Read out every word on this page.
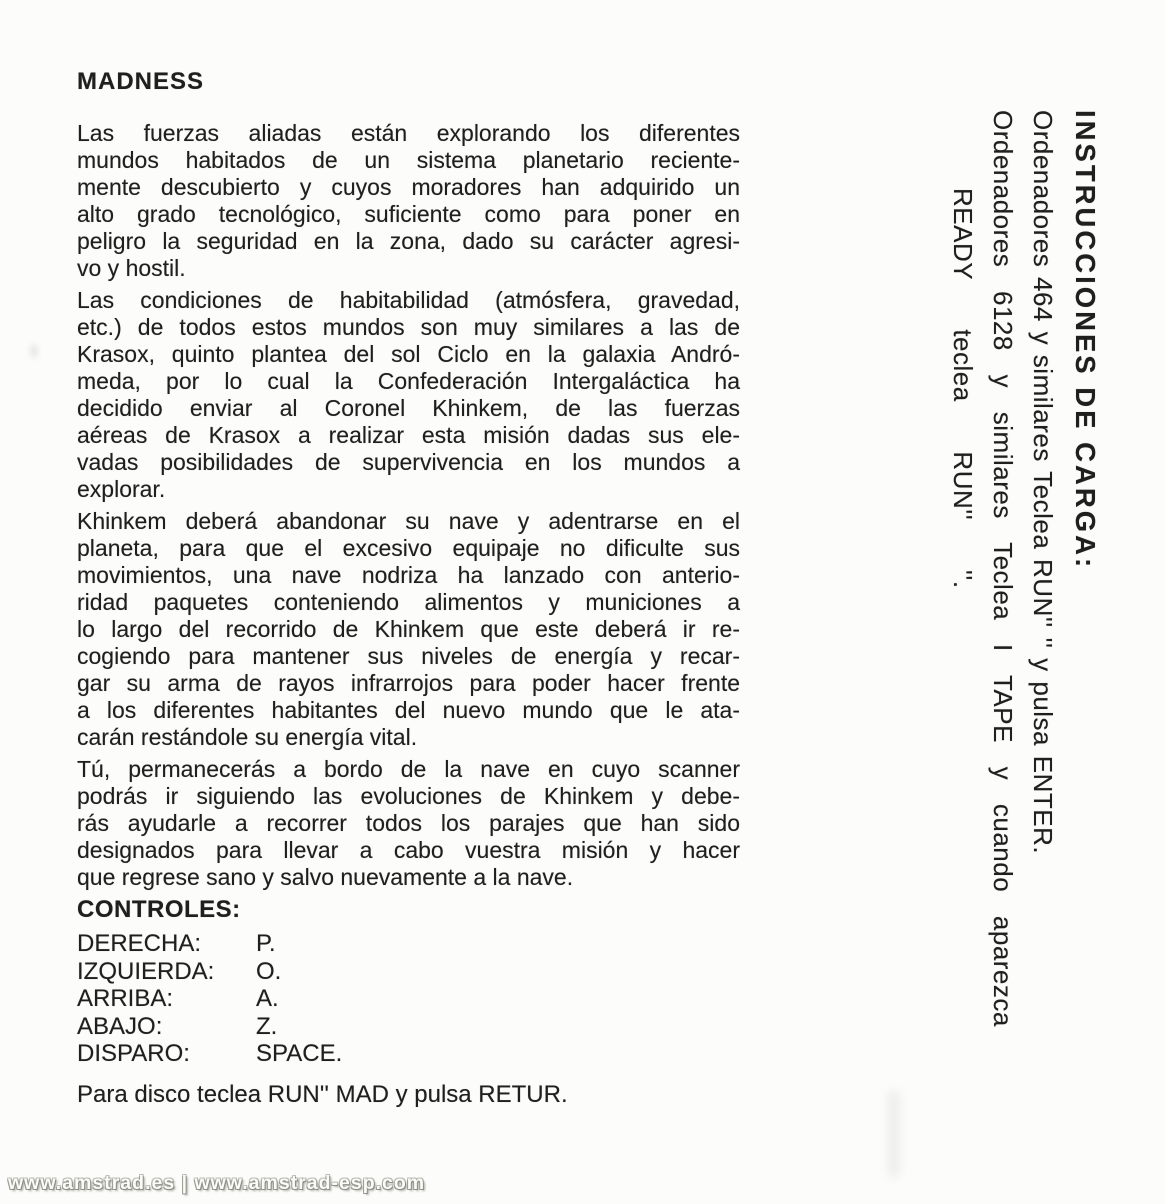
MADNESS
Las fuerzas aliadas están explorando los diferentes
mundos habitados de un sistema planetario reciente-
mente descubierto y cuyos moradores han adquirido un
alto grado tecnológico, suficiente como para poner en
peligro la seguridad en la zona, dado su carácter agresi-
vo y hostil.
Las condiciones de habitabilidad (atmósfera, gravedad,
etc.) de todos estos mundos son muy similares a las de
Krasox, quinto plantea del sol Ciclo en la galaxia Andró-
meda, por lo cual la Confederación Intergaláctica ha
decidido enviar al Coronel Khinkem, de las fuerzas
aéreas de Krasox a realizar esta misión dadas sus ele-
vadas posibilidades de supervivencia en los mundos a
explorar.
Khinkem deberá abandonar su nave y adentrarse en el
planeta, para que el excesivo equipaje no dificulte sus
movimientos, una nave nodriza ha lanzado con anterio-
ridad paquetes conteniendo alimentos y municiones a
lo largo del recorrido de Khinkem que este deberá ir re-
cogiendo para mantener sus niveles de energía y recar-
gar su arma de rayos infrarrojos para poder hacer frente
a los diferentes habitantes del nuevo mundo que le ata-
carán restándole su energía vital.
Tú, permanecerás a bordo de la nave en cuyo scanner
podrás ir siguiendo las evoluciones de Khinkem y debe-
rás ayudarle a recorrer todos los parajes que han sido
designados para llevar a cabo vuestra misión y hacer
que regrese sano y salvo nuevamente a la nave.
CONTROLES:
DERECHA:	P.
IZQUIERDA:	O.
ARRIBA:	A.
ABAJO:	Z.
DISPARO:	SPACE.
Para disco teclea RUN'' MAD y pulsa RETUR.
INSTRUCCIONES DE CARGA:
Ordenadores 464 y similares Teclea RUN'' '' y pulsa ENTER.
Ordenadores 6128 y similares Teclea I TAPE y cuando aparezca
READY teclea RUN'' ''.
www.amstrad.es | www.amstrad-esp.com
